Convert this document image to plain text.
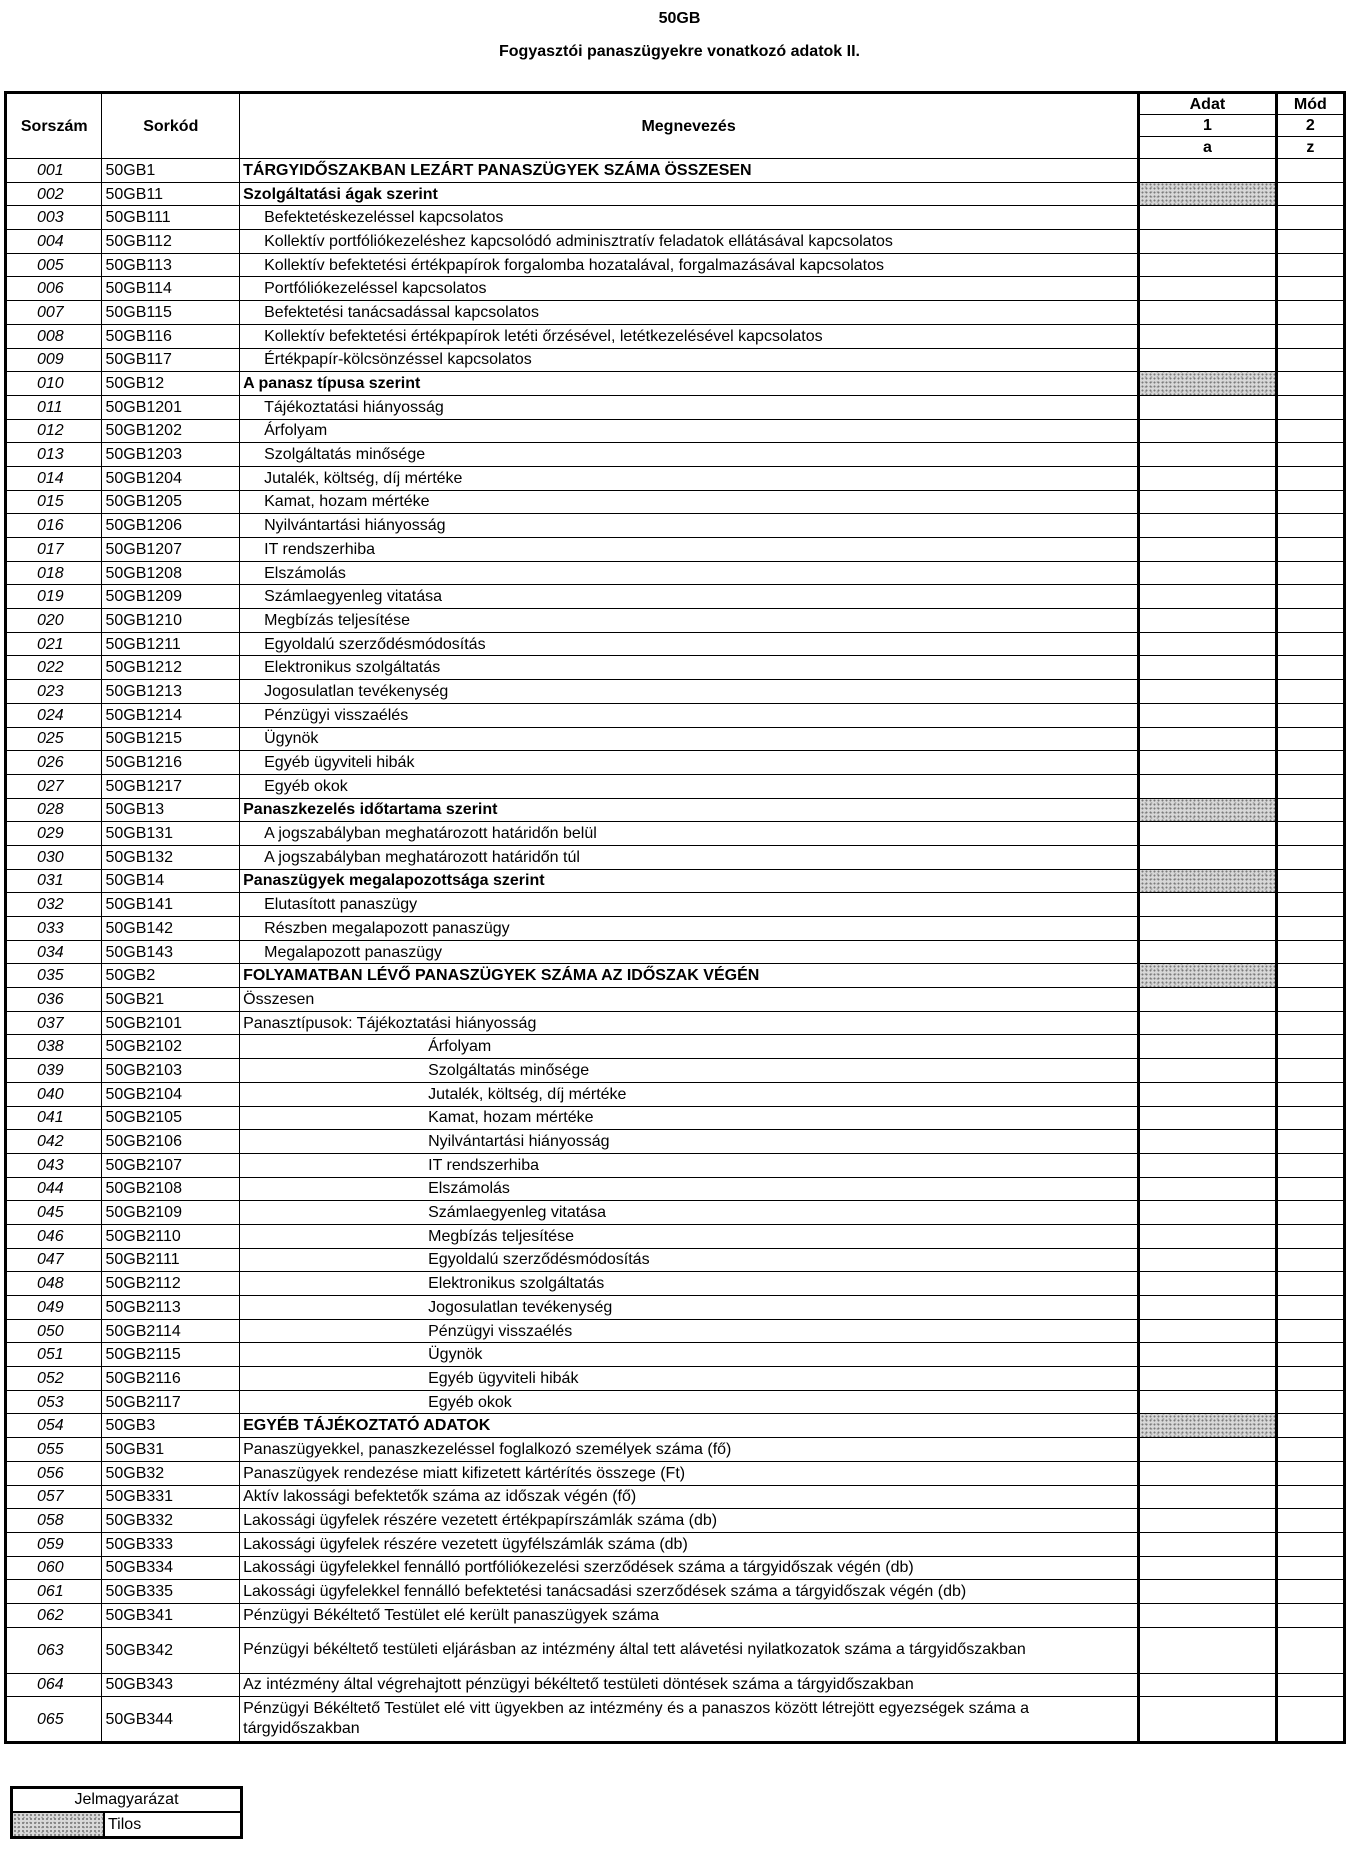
50GB
Fogyasztói panaszügyekre vonatkozó adatok II.
Sorszám	Sorkód	Megnevezés	Adat	Mód
			1	2
			a	z
001	50GB1	TÁRGYIDŐSZAKBAN LEZÁRT PANASZÜGYEK SZÁMA ÖSSZESEN		
002	50GB11	Szolgáltatási ágak szerint		
003	50GB111	Befektetéskezeléssel kapcsolatos		
004	50GB112	Kollektív portfóliókezeléshez kapcsolódó adminisztratív feladatok ellátásával kapcsolatos		
005	50GB113	Kollektív befektetési értékpapírok forgalomba hozatalával, forgalmazásával kapcsolatos		
006	50GB114	Portfóliókezeléssel kapcsolatos		
007	50GB115	Befektetési tanácsadással kapcsolatos		
008	50GB116	Kollektív befektetési értékpapírok letéti őrzésével, letétkezelésével kapcsolatos		
009	50GB117	Értékpapír-kölcsönzéssel kapcsolatos		
010	50GB12	A panasz típusa szerint		
011	50GB1201	Tájékoztatási hiányosság		
012	50GB1202	Árfolyam		
013	50GB1203	Szolgáltatás minősége		
014	50GB1204	Jutalék, költség, díj mértéke		
015	50GB1205	Kamat, hozam mértéke		
016	50GB1206	Nyilvántartási hiányosság		
017	50GB1207	IT rendszerhiba		
018	50GB1208	Elszámolás		
019	50GB1209	Számlaegyenleg vitatása		
020	50GB1210	Megbízás teljesítése		
021	50GB1211	Egyoldalú szerződésmódosítás		
022	50GB1212	Elektronikus szolgáltatás		
023	50GB1213	Jogosulatlan tevékenység		
024	50GB1214	Pénzügyi visszaélés		
025	50GB1215	Ügynök		
026	50GB1216	Egyéb ügyviteli hibák		
027	50GB1217	Egyéb okok		
028	50GB13	Panaszkezelés időtartama szerint		
029	50GB131	A jogszabályban meghatározott határidőn belül		
030	50GB132	A jogszabályban meghatározott határidőn túl		
031	50GB14	Panaszügyek megalapozottsága szerint		
032	50GB141	Elutasított panaszügy		
033	50GB142	Részben megalapozott panaszügy		
034	50GB143	Megalapozott panaszügy		
035	50GB2	FOLYAMATBAN LÉVŐ PANASZÜGYEK SZÁMA AZ IDŐSZAK VÉGÉN		
036	50GB21	Összesen		
037	50GB2101	Panasztípusok: Tájékoztatási hiányosság		
038	50GB2102	Árfolyam		
039	50GB2103	Szolgáltatás minősége		
040	50GB2104	Jutalék, költség, díj mértéke		
041	50GB2105	Kamat, hozam mértéke		
042	50GB2106	Nyilvántartási hiányosság		
043	50GB2107	IT rendszerhiba		
044	50GB2108	Elszámolás		
045	50GB2109	Számlaegyenleg vitatása		
046	50GB2110	Megbízás teljesítése		
047	50GB2111	Egyoldalú szerződésmódosítás		
048	50GB2112	Elektronikus szolgáltatás		
049	50GB2113	Jogosulatlan tevékenység		
050	50GB2114	Pénzügyi visszaélés		
051	50GB2115	Ügynök		
052	50GB2116	Egyéb ügyviteli hibák		
053	50GB2117	Egyéb okok		
054	50GB3	EGYÉB TÁJÉKOZTATÓ ADATOK		
055	50GB31	Panaszügyekkel, panaszkezeléssel foglalkozó személyek száma (fő)		
056	50GB32	Panaszügyek rendezése miatt kifizetett kártérítés összege (Ft)		
057	50GB331	Aktív lakossági befektetők száma az időszak végén (fő)		
058	50GB332	Lakossági ügyfelek részére vezetett értékpapírszámlák száma (db)		
059	50GB333	Lakossági ügyfelek részére vezetett ügyfélszámlák száma (db)		
060	50GB334	Lakossági ügyfelekkel fennálló portfóliókezelési szerződések száma a tárgyidőszak végén (db)		
061	50GB335	Lakossági ügyfelekkel fennálló befektetési tanácsadási szerződések száma a tárgyidőszak végén (db)		
062	50GB341	Pénzügyi Békéltető Testület elé került panaszügyek száma		
063	50GB342	Pénzügyi békéltető testületi eljárásban az intézmény által tett alávetési nyilatkozatok száma a tárgyidőszakban		
064	50GB343	Az intézmény által végrehajtott pénzügyi békéltető testületi döntések száma a tárgyidőszakban		
065	50GB344	Pénzügyi Békéltető Testület elé vitt ügyekben az intézmény és a panaszos között létrejött egyezségek száma a tárgyidőszakban		
Jelmagyarázat
Tilos
